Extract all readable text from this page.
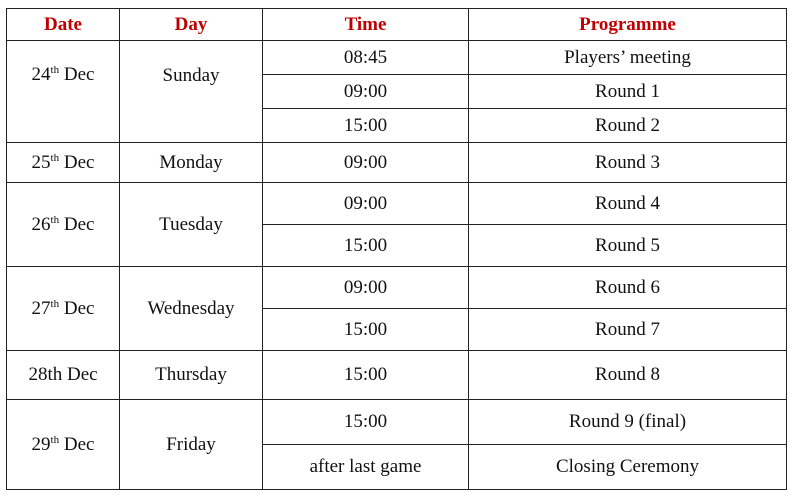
Date	Day	Time	Programme
24th Dec	Sunday	08:45	Players’ meeting
		09:00	Round 1
		15:00	Round 2
25th Dec	Monday	09:00	Round 3
26th Dec	Tuesday	09:00	Round 4
		15:00	Round 5
27th Dec	Wednesday	09:00	Round 6
		15:00	Round 7
28th Dec	Thursday	15:00	Round 8
29th Dec	Friday	15:00	Round 9 (final)
		after last game	Closing Ceremony
